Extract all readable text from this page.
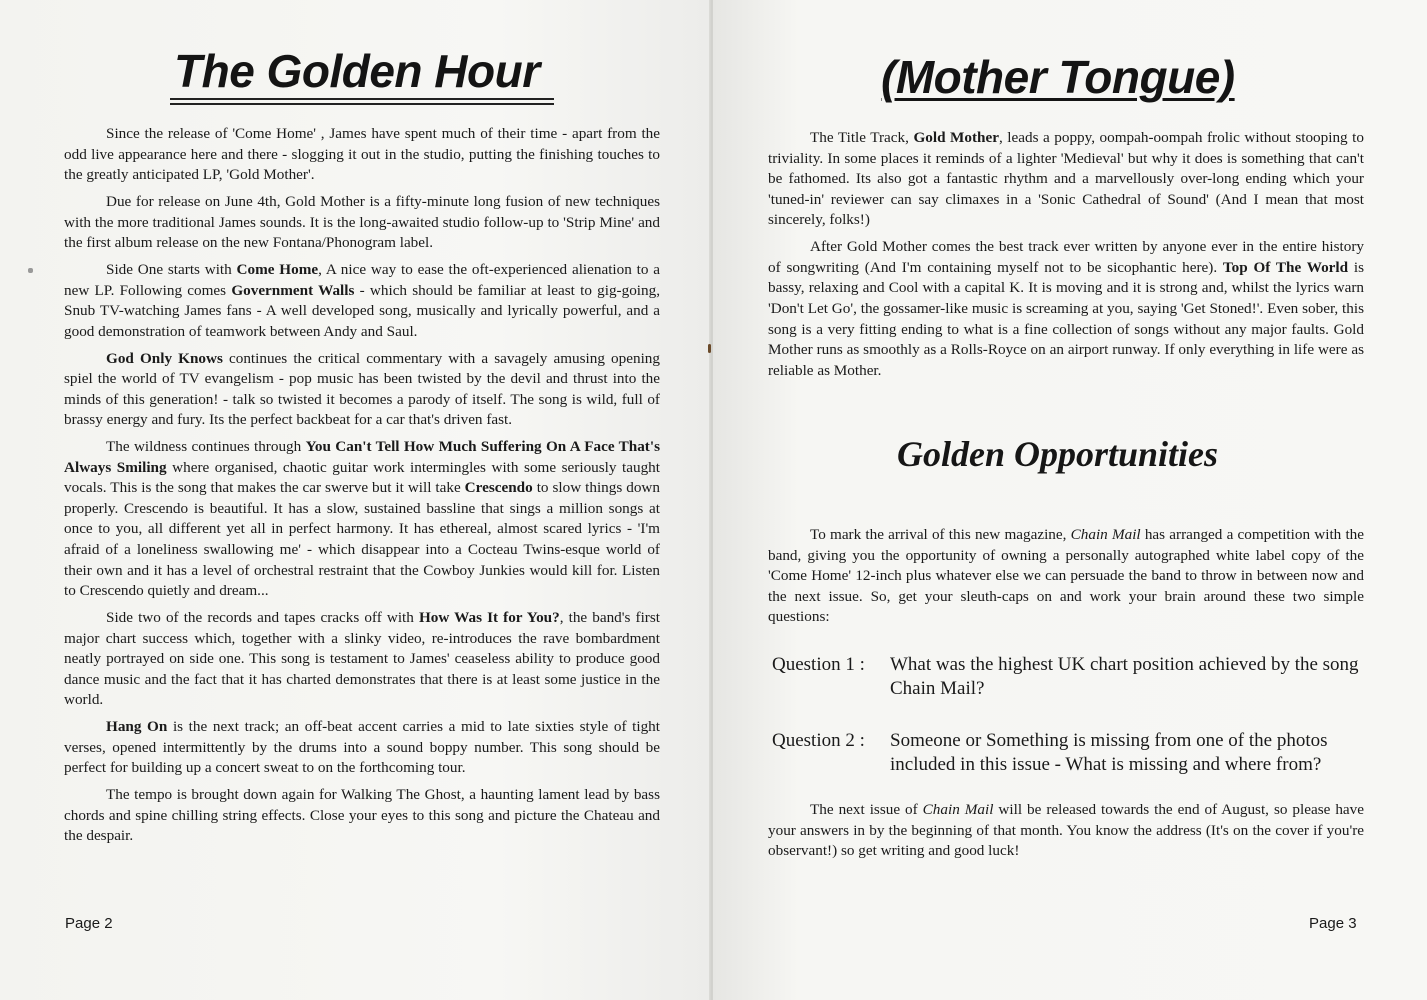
The Golden Hour

Since the release of 'Come Home' , James have spent much of their time - apart from the odd live appearance here and there - slogging it out in the studio, putting the finishing touches to the greatly anticipated LP, 'Gold Mother'.

Due for release on June 4th, Gold Mother is a fifty-minute long fusion of new techniques with the more traditional James sounds. It is the long-awaited studio follow-up to 'Strip Mine' and the first album release on the new Fontana/Phonogram label.

Side One starts with Come Home, A nice way to ease the oft-experienced alienation to a new LP. Following comes Government Walls - which should be familiar at least to gig-going, Snub TV-watching James fans - A well developed song, musically and lyrically powerful, and a good demonstration of teamwork between Andy and Saul.

God Only Knows continues the critical commentary with a savagely amusing opening spiel the world of TV evangelism - pop music has been twisted by the devil and thrust into the minds of this generation! - talk so twisted it becomes a parody of itself. The song is wild, full of brassy energy and fury. Its the perfect backbeat for a car that's driven fast.

The wildness continues through You Can't Tell How Much Suffering On A Face That's Always Smiling where organised, chaotic guitar work intermingles with some seriously taught vocals. This is the song that makes the car swerve but it will take Crescendo to slow things down properly. Crescendo is beautiful. It has a slow, sustained bassline that sings a million songs at once to you, all different yet all in perfect harmony. It has ethereal, almost scared lyrics - 'I'm afraid of a loneliness swallowing me' - which disappear into a Cocteau Twins-esque world of their own and it has a level of orchestral restraint that the Cowboy Junkies would kill for. Listen to Crescendo quietly and dream...

Side two of the records and tapes cracks off with How Was It for You?, the band's first major chart success which, together with a slinky video, re-introduces the rave bombardment neatly portrayed on side one. This song is testament to James' ceaseless ability to produce good dance music and the fact that it has charted demonstrates that there is at least some justice in the world.

Hang On is the next track; an off-beat accent carries a mid to late sixties style of tight verses, opened intermittently by the drums into a sound boppy number. This song should be perfect for building up a concert sweat to on the forthcoming tour.

The tempo is brought down again for Walking The Ghost, a haunting lament lead by bass chords and spine chilling string effects. Close your eyes to this song and picture the Chateau and the despair.

Page 2
(Mother Tongue)

The Title Track, Gold Mother, leads a poppy, oompah-oompah frolic without stooping to triviality. In some places it reminds of a lighter 'Medieval' but why it does is something that can't be fathomed. Its also got a fantastic rhythm and a marvellously over-long ending which your 'tuned-in' reviewer can say climaxes in a 'Sonic Cathedral of Sound' (And I mean that most sincerely, folks!)

After Gold Mother comes the best track ever written by anyone ever in the entire history of songwriting (And I'm containing myself not to be sicophantic here). Top Of The World is bassy, relaxing and Cool with a capital K. It is moving and it is strong and, whilst the lyrics warn 'Don't Let Go', the gossamer-like music is screaming at you, saying 'Get Stoned!'. Even sober, this song is a very fitting ending to what is a fine collection of songs without any major faults. Gold Mother runs as smoothly as a Rolls-Royce on an airport runway. If only everything in life were as reliable as Mother.

Golden Opportunities

To mark the arrival of this new magazine, Chain Mail has arranged a competition with the band, giving you the opportunity of owning a personally autographed white label copy of the 'Come Home' 12-inch plus whatever else we can persuade the band to throw in between now and the next issue. So, get your sleuth-caps on and work your brain around these two simple questions:

Question 1 :	What was the highest UK chart position achieved by the song Chain Mail?
Question 2 :	Someone or Something is missing from one of the photos included in this issue - What is missing and where from?

The next issue of Chain Mail will be released towards the end of August, so please have your answers in by the beginning of that month. You know the address (It's on the cover if you're observant!) so get writing and good luck!

Page 3
